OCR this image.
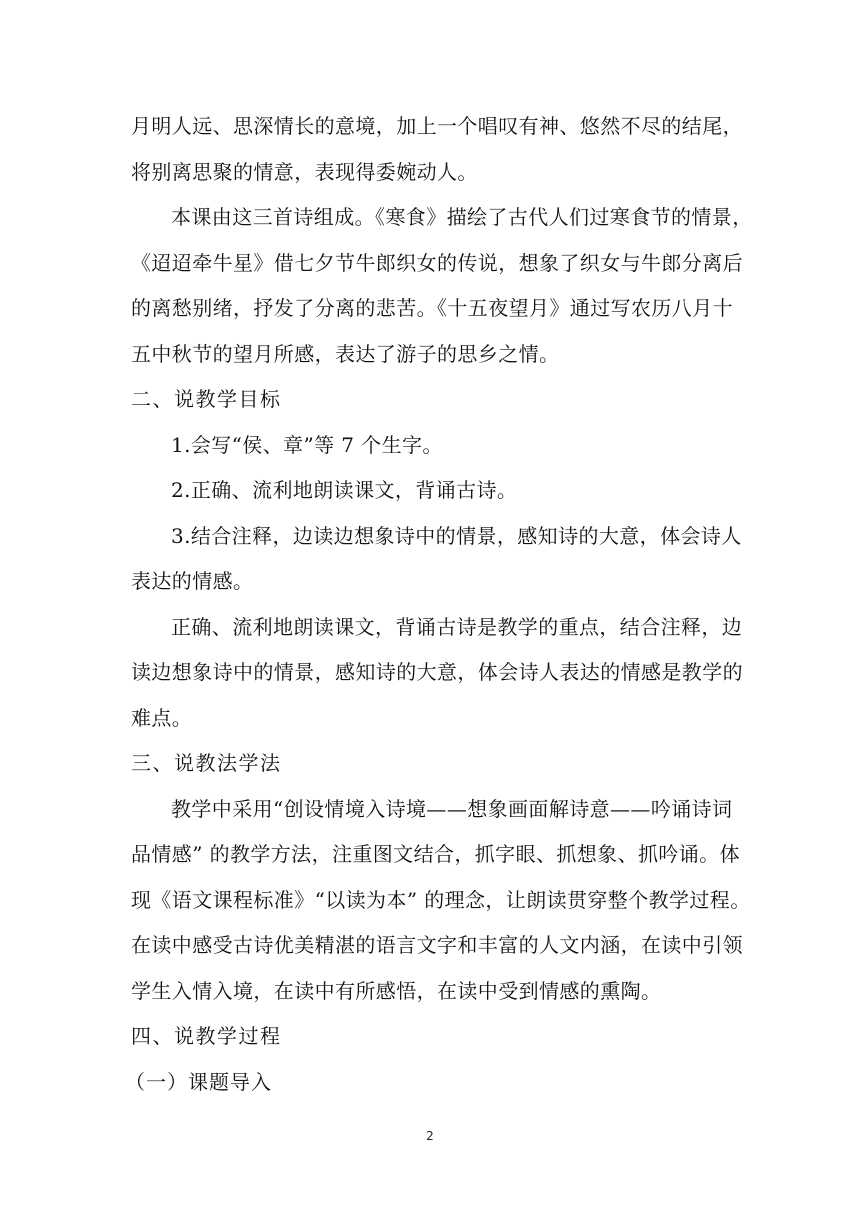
月明人远、思深情长的意境，加上一个唱叹有神、悠然不尽的结尾，
将别离思聚的情意，表现得委婉动人。
本课由这三首诗组成。《寒食》描绘了古代人们过寒食节的情景，
《迢迢牵牛星》借七夕节牛郎织女的传说，想象了织女与牛郎分离后
的离愁别绪，抒发了分离的悲苦。《十五夜望月》通过写农历八月十
五中秋节的望月所感，表达了游子的思乡之情。
二、说教学目标
1.会写“侯、章”等 7 个生字。
2.正确、流利地朗读课文，背诵古诗。
3.结合注释，边读边想象诗中的情景，感知诗的大意，体会诗人
表达的情感。
正确、流利地朗读课文，背诵古诗是教学的重点，结合注释，边
读边想象诗中的情景，感知诗的大意，体会诗人表达的情感是教学的
难点。
三、说教法学法
教学中采用“创设情境入诗境——想象画面解诗意——吟诵诗词
品情感” 的教学方法，注重图文结合，抓字眼、抓想象、抓吟诵。体
现《语文课程标准》“以读为本” 的理念，让朗读贯穿整个教学过程。
在读中感受古诗优美精湛的语言文字和丰富的人文内涵，在读中引领
学生入情入境，在读中有所感悟，在读中受到情感的熏陶。
四、说教学过程
（一）课题导入
2
